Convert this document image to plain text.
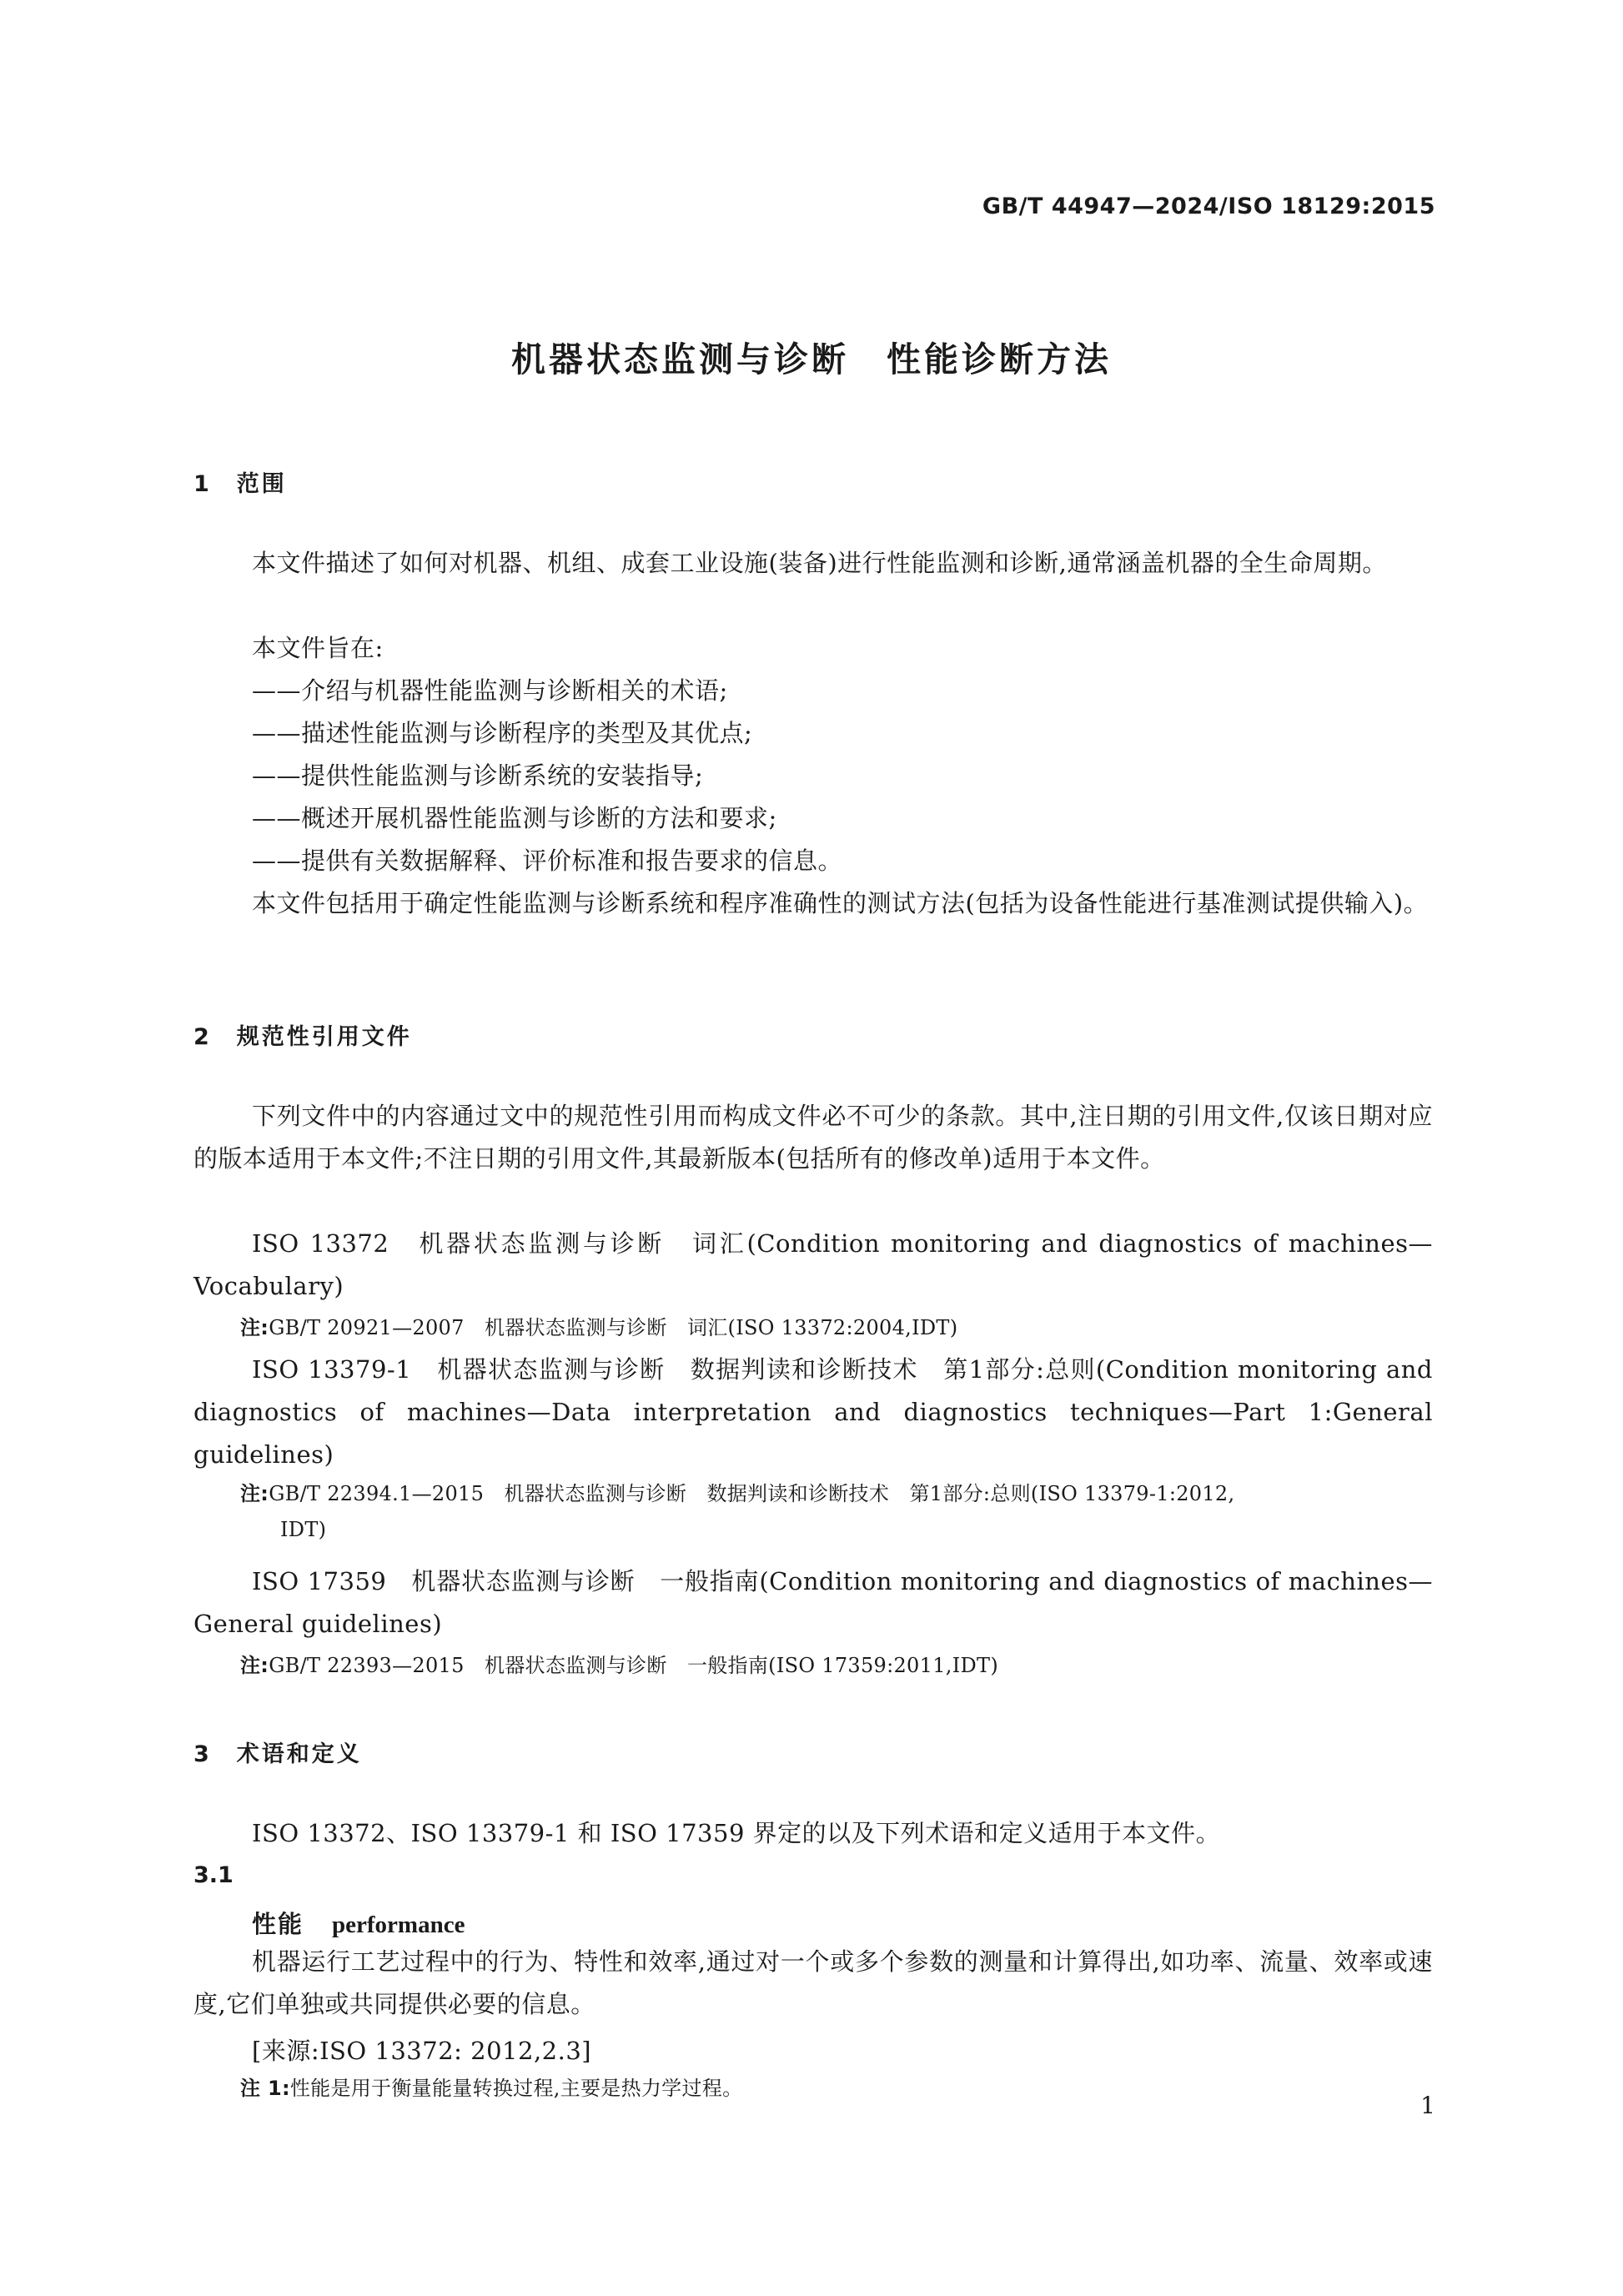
GB/T 44947—2024/ISO 18129:2015
机器状态监测与诊断　性能诊断方法
1　范围
本文件描述了如何对机器、机组、成套工业设施(装备)进行性能监测和诊断,通常涵盖机器的全生命周期。
本文件旨在:
——介绍与机器性能监测与诊断相关的术语;
——描述性能监测与诊断程序的类型及其优点;
——提供性能监测与诊断系统的安装指导;
——概述开展机器性能监测与诊断的方法和要求;
——提供有关数据解释、评价标准和报告要求的信息。
本文件包括用于确定性能监测与诊断系统和程序准确性的测试方法(包括为设备性能进行基准测试提供输入)。
2　规范性引用文件
下列文件中的内容通过文中的规范性引用而构成文件必不可少的条款。其中,注日期的引用文件,仅该日期对应的版本适用于本文件;不注日期的引用文件,其最新版本(包括所有的修改单)适用于本文件。
ISO 13372　机器状态监测与诊断　词汇(Condition monitoring and diagnostics of machines—Vocabulary)
注:GB/T 20921—2007　机器状态监测与诊断　词汇(ISO 13372:2004,IDT)
ISO 13379-1　机器状态监测与诊断　数据判读和诊断技术　第1部分:总则(Condition monitoring and diagnostics of machines—Data interpretation and diagnostics techniques—Part 1:General guidelines)
注:GB/T 22394.1—2015　机器状态监测与诊断　数据判读和诊断技术　第1部分:总则(ISO 13379-1:2012,
IDT)
ISO 17359　机器状态监测与诊断　一般指南(Condition monitoring and diagnostics of machines—General guidelines)
注:GB/T 22393—2015　机器状态监测与诊断　一般指南(ISO 17359:2011,IDT)
3　术语和定义
ISO 13372、ISO 13379-1 和 ISO 17359 界定的以及下列术语和定义适用于本文件。
3.1
性能 performance
机器运行工艺过程中的行为、特性和效率,通过对一个或多个参数的测量和计算得出,如功率、流量、效率或速度,它们单独或共同提供必要的信息。
[来源:ISO 13372: 2012,2.3]
注 1:性能是用于衡量能量转换过程,主要是热力学过程。
1
